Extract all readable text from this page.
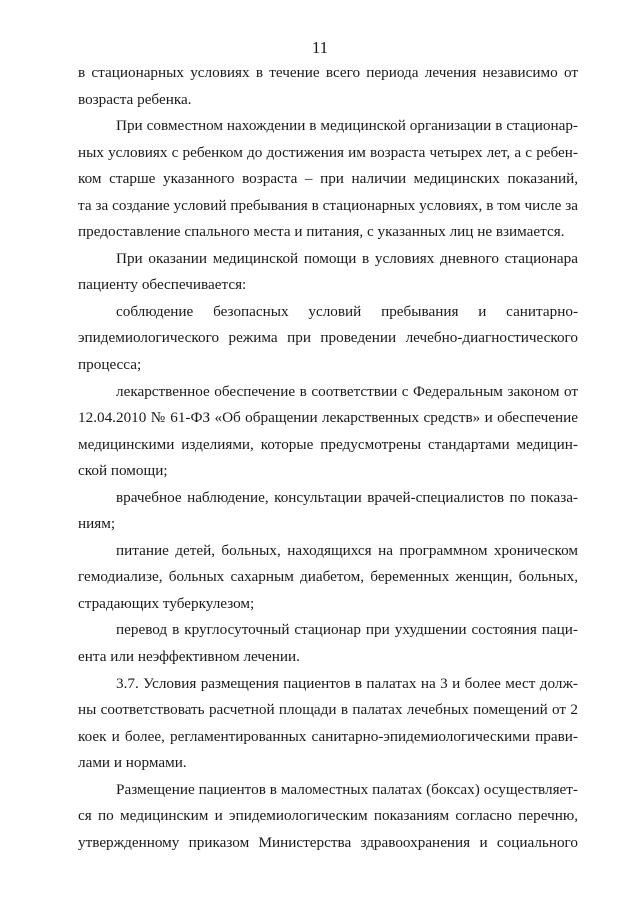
11
в стационарных условиях в течение всего периода лечения независимо от
возраста ребенка.
При совместном нахождении в медицинской организации в стационар-
ных условиях с ребенком до достижения им возраста четырех лет, а с ребен-
ком старше указанного возраста – при наличии медицинских показаний,
та за создание условий пребывания в стационарных условиях, в том числе за
предоставление спального места и питания, с указанных лиц не взимается.
При оказании медицинской помощи в условиях дневного стационара
пациенту обеспечивается:
соблюдение безопасных условий пребывания и санитарно-
эпидемиологического режима при проведении лечебно-диагностического
процесса;
лекарственное обеспечение в соответствии с Федеральным законом от
12.04.2010 № 61-ФЗ «Об обращении лекарственных средств» и обеспечение
медицинскими изделиями, которые предусмотрены стандартами медицин-
ской помощи;
врачебное наблюдение, консультации врачей-специалистов по показа-
ниям;
питание детей, больных, находящихся на программном хроническом
гемодиализе, больных сахарным диабетом, беременных женщин, больных,
страдающих туберкулезом;
перевод в круглосуточный стационар при ухудшении состояния паци-
ента или неэффективном лечении.
3.7. Условия размещения пациентов в палатах на 3 и более мест долж-
ны соответствовать расчетной площади в палатах лечебных помещений от 2
коек и более, регламентированных санитарно-эпидемиологическими прави-
лами и нормами.
Размещение пациентов в маломестных палатах (боксах) осуществляет-
ся по медицинским и эпидемиологическим показаниям согласно перечню,
утвержденному приказом Министерства здравоохранения и социального
